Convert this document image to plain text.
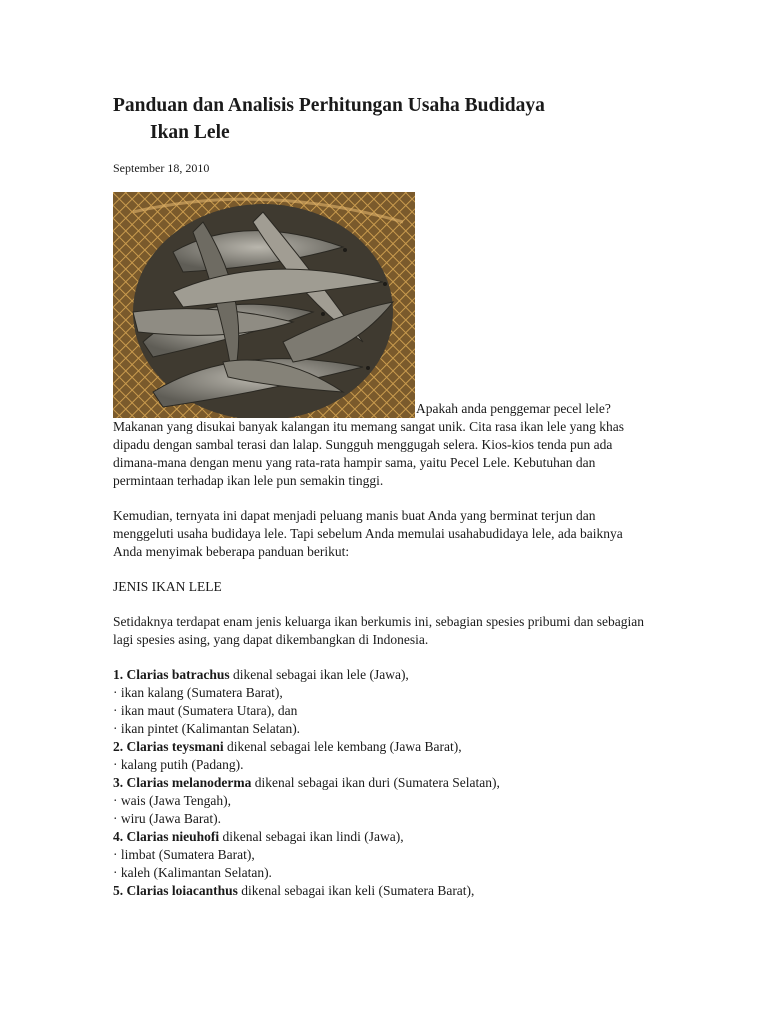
Panduan dan Analisis Perhitungan Usaha Budidaya
Ikan Lele
September 18, 2010

Apakah anda penggemar pecel lele? Makanan yang disukai banyak kalangan itu memang sangat unik. Cita rasa ikan lele yang khas dipadu dengan sambal terasi dan lalap. Sungguh menggugah selera. Kios-kios tenda pun ada dimana-mana dengan menu yang rata-rata hampir sama, yaitu Pecel Lele. Kebutuhan dan permintaan terhadap ikan lele pun semakin tinggi.

Kemudian, ternyata ini dapat menjadi peluang manis buat Anda yang berminat terjun dan menggeluti usaha budidaya lele. Tapi sebelum Anda memulai usahabudidaya lele, ada baiknya Anda menyimak beberapa panduan berikut:

JENIS IKAN LELE

Setidaknya terdapat enam jenis keluarga ikan berkumis ini, sebagian spesies pribumi dan sebagian lagi spesies asing, yang dapat dikembangkan di Indonesia.

1. Clarias batrachus dikenal sebagai ikan lele (Jawa),
· ikan kalang (Sumatera Barat),
· ikan maut (Sumatera Utara), dan
· ikan pintet (Kalimantan Selatan).
2. Clarias teysmani dikenal sebagai lele kembang (Jawa Barat),
· kalang putih (Padang).
3. Clarias melanoderma dikenal sebagai ikan duri (Sumatera Selatan),
· wais (Jawa Tengah),
· wiru (Jawa Barat).
4. Clarias nieuhofi dikenal sebagai ikan lindi (Jawa),
· limbat (Sumatera Barat),
· kaleh (Kalimantan Selatan).
5. Clarias loiacanthus dikenal sebagai ikan keli (Sumatera Barat),
